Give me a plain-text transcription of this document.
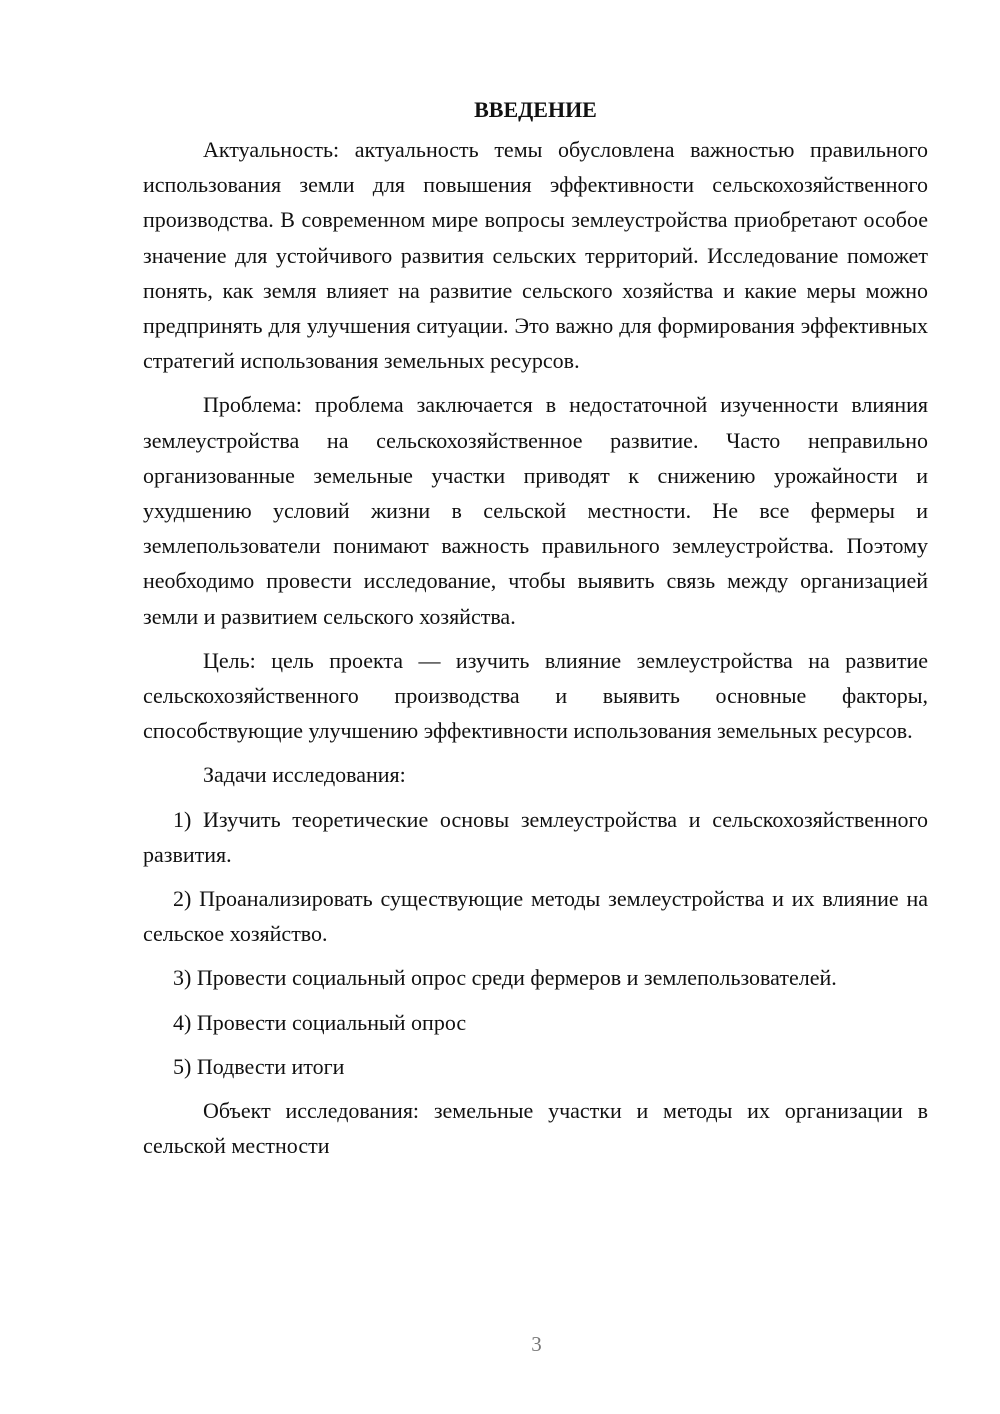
ВВЕДЕНИЕ

Актуальность: актуальность темы обусловлена важностью правильного использования земли для повышения эффективности сельскохозяйственного производства. В современном мире вопросы землеустройства приобретают особое значение для устойчивого развития сельских территорий. Исследование поможет понять, как земля влияет на развитие сельского хозяйства и какие меры можно предпринять для улучшения ситуации. Это важно для формирования эффективных стратегий использования земельных ресурсов.

Проблема: проблема заключается в недостаточной изученности влияния землеустройства на сельскохозяйственное развитие. Часто неправильно организованные земельные участки приводят к снижению урожайности и ухудшению условий жизни в сельской местности. Не все фермеры и землепользователи понимают важность правильного землеустройства. Поэтому необходимо провести исследование, чтобы выявить связь между организацией земли и развитием сельского хозяйства.

Цель: цель проекта — изучить влияние землеустройства на развитие сельскохозяйственного производства и выявить основные факторы, способствующие улучшению эффективности использования земельных ресурсов.

Задачи исследования:

1) Изучить теоретические основы землеустройства и сельскохозяйственного развития.

2) Проанализировать существующие методы землеустройства и их влияние на сельское хозяйство.

3) Провести социальный опрос среди фермеров и землепользователей.

4) Провести социальный опрос

5) Подвести итоги

Объект исследования: земельные участки и методы их организации в сельской местности

3
